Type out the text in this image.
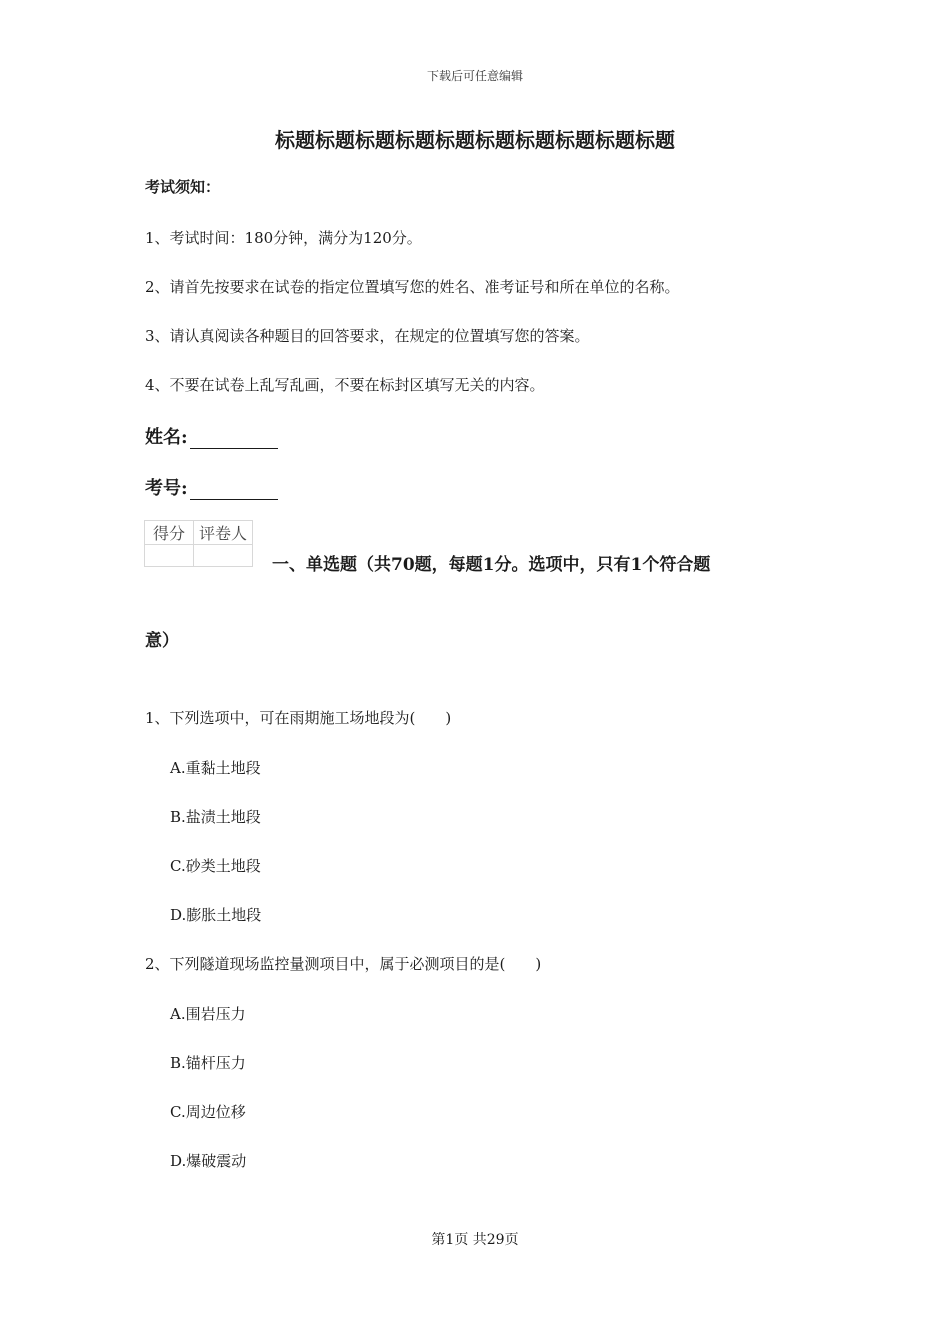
下载后可任意编辑
标题标题标题标题标题标题标题标题标题标题
考试须知：
1、考试时间：180分钟，满分为120分。
2、请首先按要求在试卷的指定位置填写您的姓名、准考证号和所在单位的名称。
3、请认真阅读各种题目的回答要求，在规定的位置填写您的答案。
4、不要在试卷上乱写乱画，不要在标封区填写无关的内容。
姓名:
考号:
得分	评卷人

一、单选题（共70题，每题1分。选项中，只有1个符合题
意）
1、下列选项中，可在雨期施工场地段为(　　)
A.重黏土地段
B.盐渍土地段
C.砂类土地段
D.膨胀土地段
2、下列隧道现场监控量测项目中，属于必测项目的是(　　)
A.围岩压力
B.锚杆压力
C.周边位移
D.爆破震动
第1页 共29页
